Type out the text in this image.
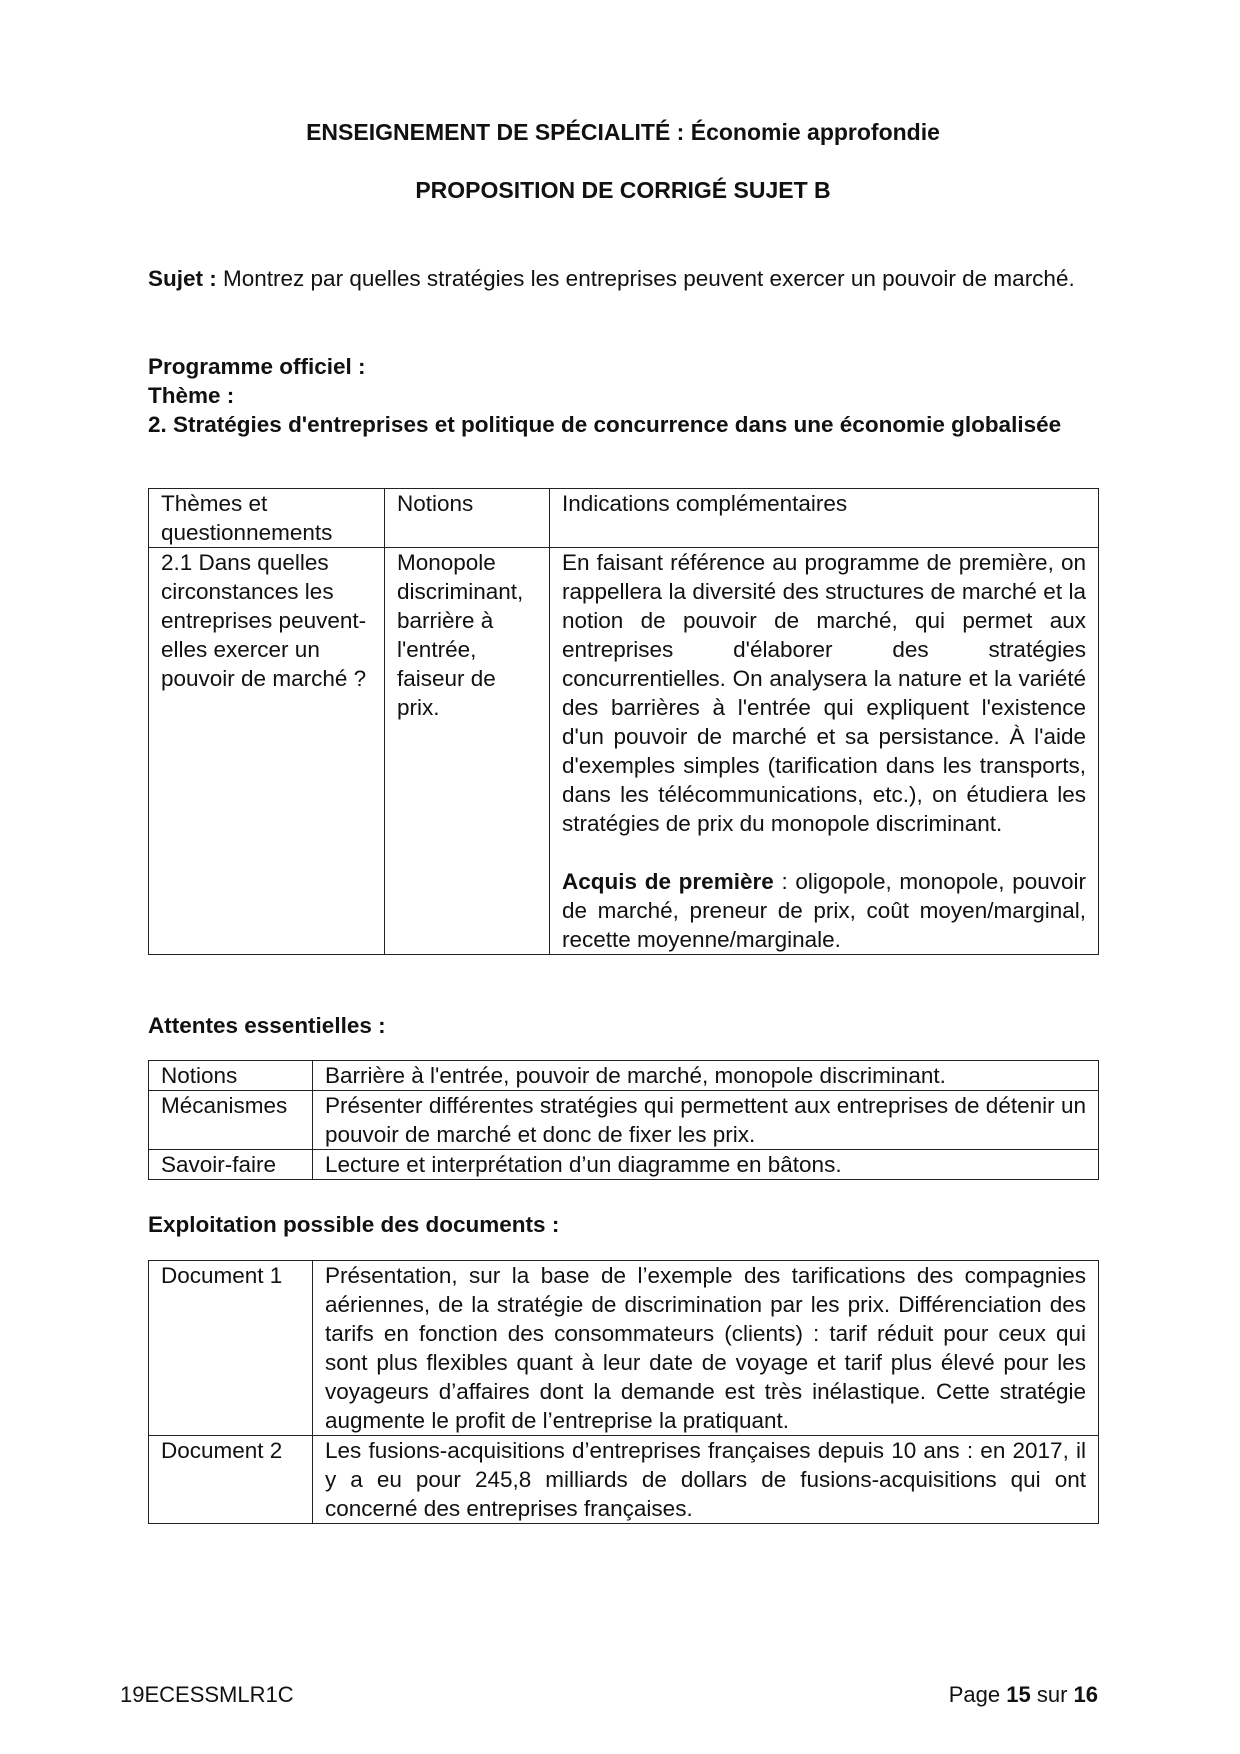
ENSEIGNEMENT DE SPÉCIALITÉ : Économie approfondie
PROPOSITION DE CORRIGÉ SUJET B
Sujet : Montrez par quelles stratégies les entreprises peuvent exercer un pouvoir de marché.
Programme officiel :
Thème :
2. Stratégies d'entreprises et politique de concurrence dans une économie globalisée
Thèmes et questionnements	Notions	Indications complémentaires
2.1 Dans quelles circonstances les entreprises peuvent-elles exercer un pouvoir de marché ?	Monopole discriminant, barrière à l'entrée, faiseur de prix.	En faisant référence au programme de première, on rappellera la diversité des structures de marché et la notion de pouvoir de marché, qui permet aux entreprises d'élaborer des stratégies concurrentielles. On analysera la nature et la variété des barrières à l'entrée qui expliquent l'existence d'un pouvoir de marché et sa persistance. À l'aide d'exemples simples (tarification dans les transports, dans les télécommunications, etc.), on étudiera les stratégies de prix du monopole discriminant.
Acquis de première : oligopole, monopole, pouvoir de marché, preneur de prix, coût moyen/marginal, recette moyenne/marginale.
Attentes essentielles :
Notions	Barrière à l'entrée, pouvoir de marché, monopole discriminant.
Mécanismes	Présenter différentes stratégies qui permettent aux entreprises de détenir un pouvoir de marché et donc de fixer les prix.
Savoir-faire	Lecture et interprétation d’un diagramme en bâtons.
Exploitation possible des documents :
Document 1	Présentation, sur la base de l’exemple des tarifications des compagnies aériennes, de la stratégie de discrimination par les prix. Différenciation des tarifs en fonction des consommateurs (clients) : tarif réduit pour ceux qui sont plus flexibles quant à leur date de voyage et tarif plus élevé pour les voyageurs d’affaires dont la demande est très inélastique. Cette stratégie augmente le profit de l’entreprise la pratiquant.
Document 2	Les fusions-acquisitions d’entreprises françaises depuis 10 ans : en 2017, il y a eu pour 245,8 milliards de dollars de fusions-acquisitions qui ont concerné des entreprises françaises.
19ECESSMLR1C	Page 15 sur 16
